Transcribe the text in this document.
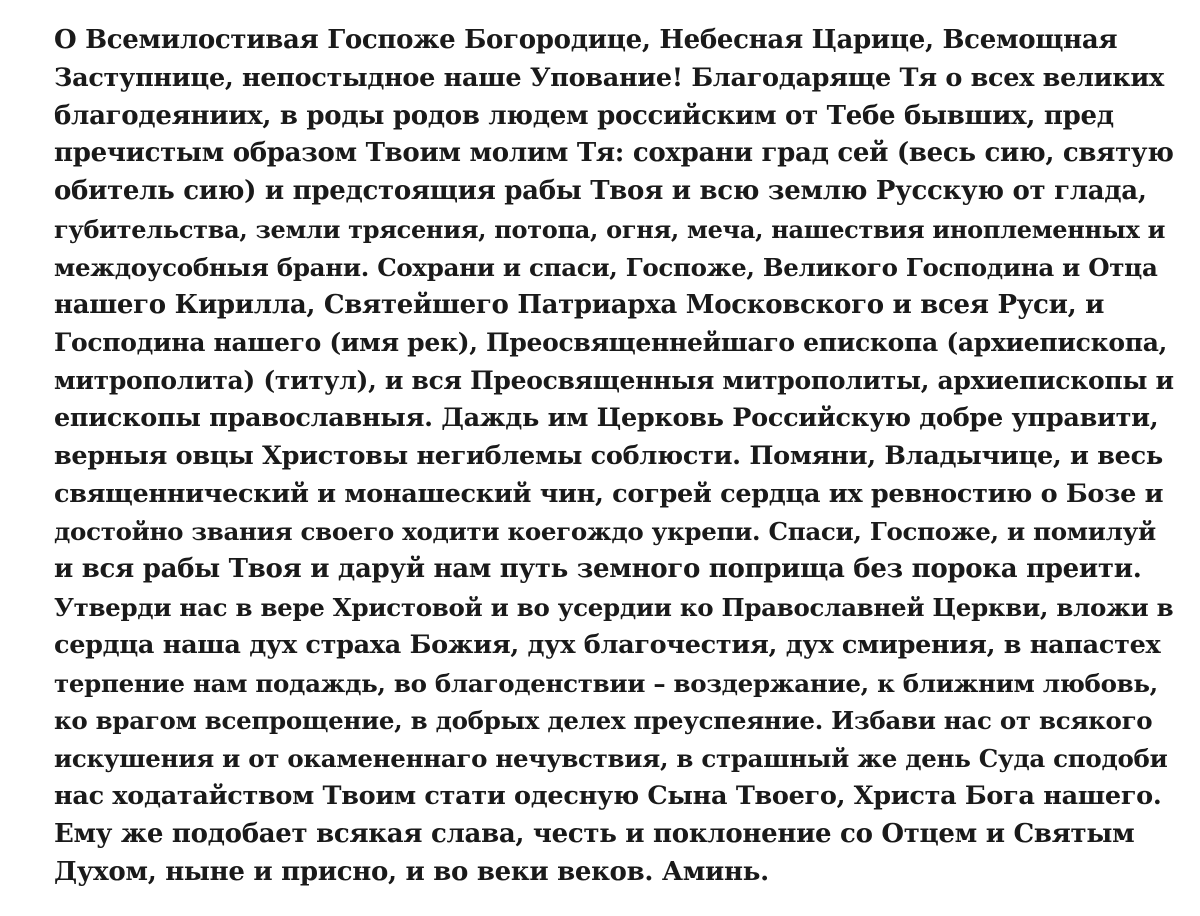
О Всемилостивая Госпоже Богородице, Небесная Царице, Всемощная
Заступнице, непостыдное наше Упование! Благодаряще Тя о всех великих
благодеяниих, в роды родов людем российским от Тебе бывших, пред
пречистым образом Твоим молим Тя: сохрани град сей (весь сию, святую
обитель сию) и предстоящия рабы Твоя и всю землю Русскую от глада,
губительства, земли трясения, потопа, огня, меча, нашествия иноплеменных и
междоусобныя брани. Сохрани и спаси, Госпоже, Великого Господина и Отца
нашего Кирилла, Святейшего Патриарха Московского и всея Руси, и
Господина нашего (имя рек), Преосвященнейшаго епископа (архиепископа,
митрополита) (титул), и вся Преосвященныя митрополиты, архиепископы и
епископы православныя. Даждь им Церковь Российскую добре управити,
верныя овцы Христовы негиблемы соблюсти. Помяни, Владычице, и весь
священнический и монашеский чин, согрей сердца их ревностию о Бозе и
достойно звания своего ходити коегождо укрепи. Спаси, Госпоже, и помилуй
и вся рабы Твоя и даруй нам путь земного поприща без порока преити.
Утверди нас в вере Христовой и во усердии ко Православней Церкви, вложи в
сердца наша дух страха Божия, дух благочестия, дух смирения, в напастех
терпение нам подаждь, во благоденствии – воздержание, к ближним любовь,
ко врагом всепрощение, в добрых делех преуспеяние. Избави нас от всякого
искушения и от окамененнаго нечувствия, в страшный же день Суда сподоби
нас ходатайством Твоим стати одесную Сына Твоего, Христа Бога нашего.
Ему же подобает всякая слава, честь и поклонение со Отцем и Святым
Духом, ныне и присно, и во веки веков. Аминь.
